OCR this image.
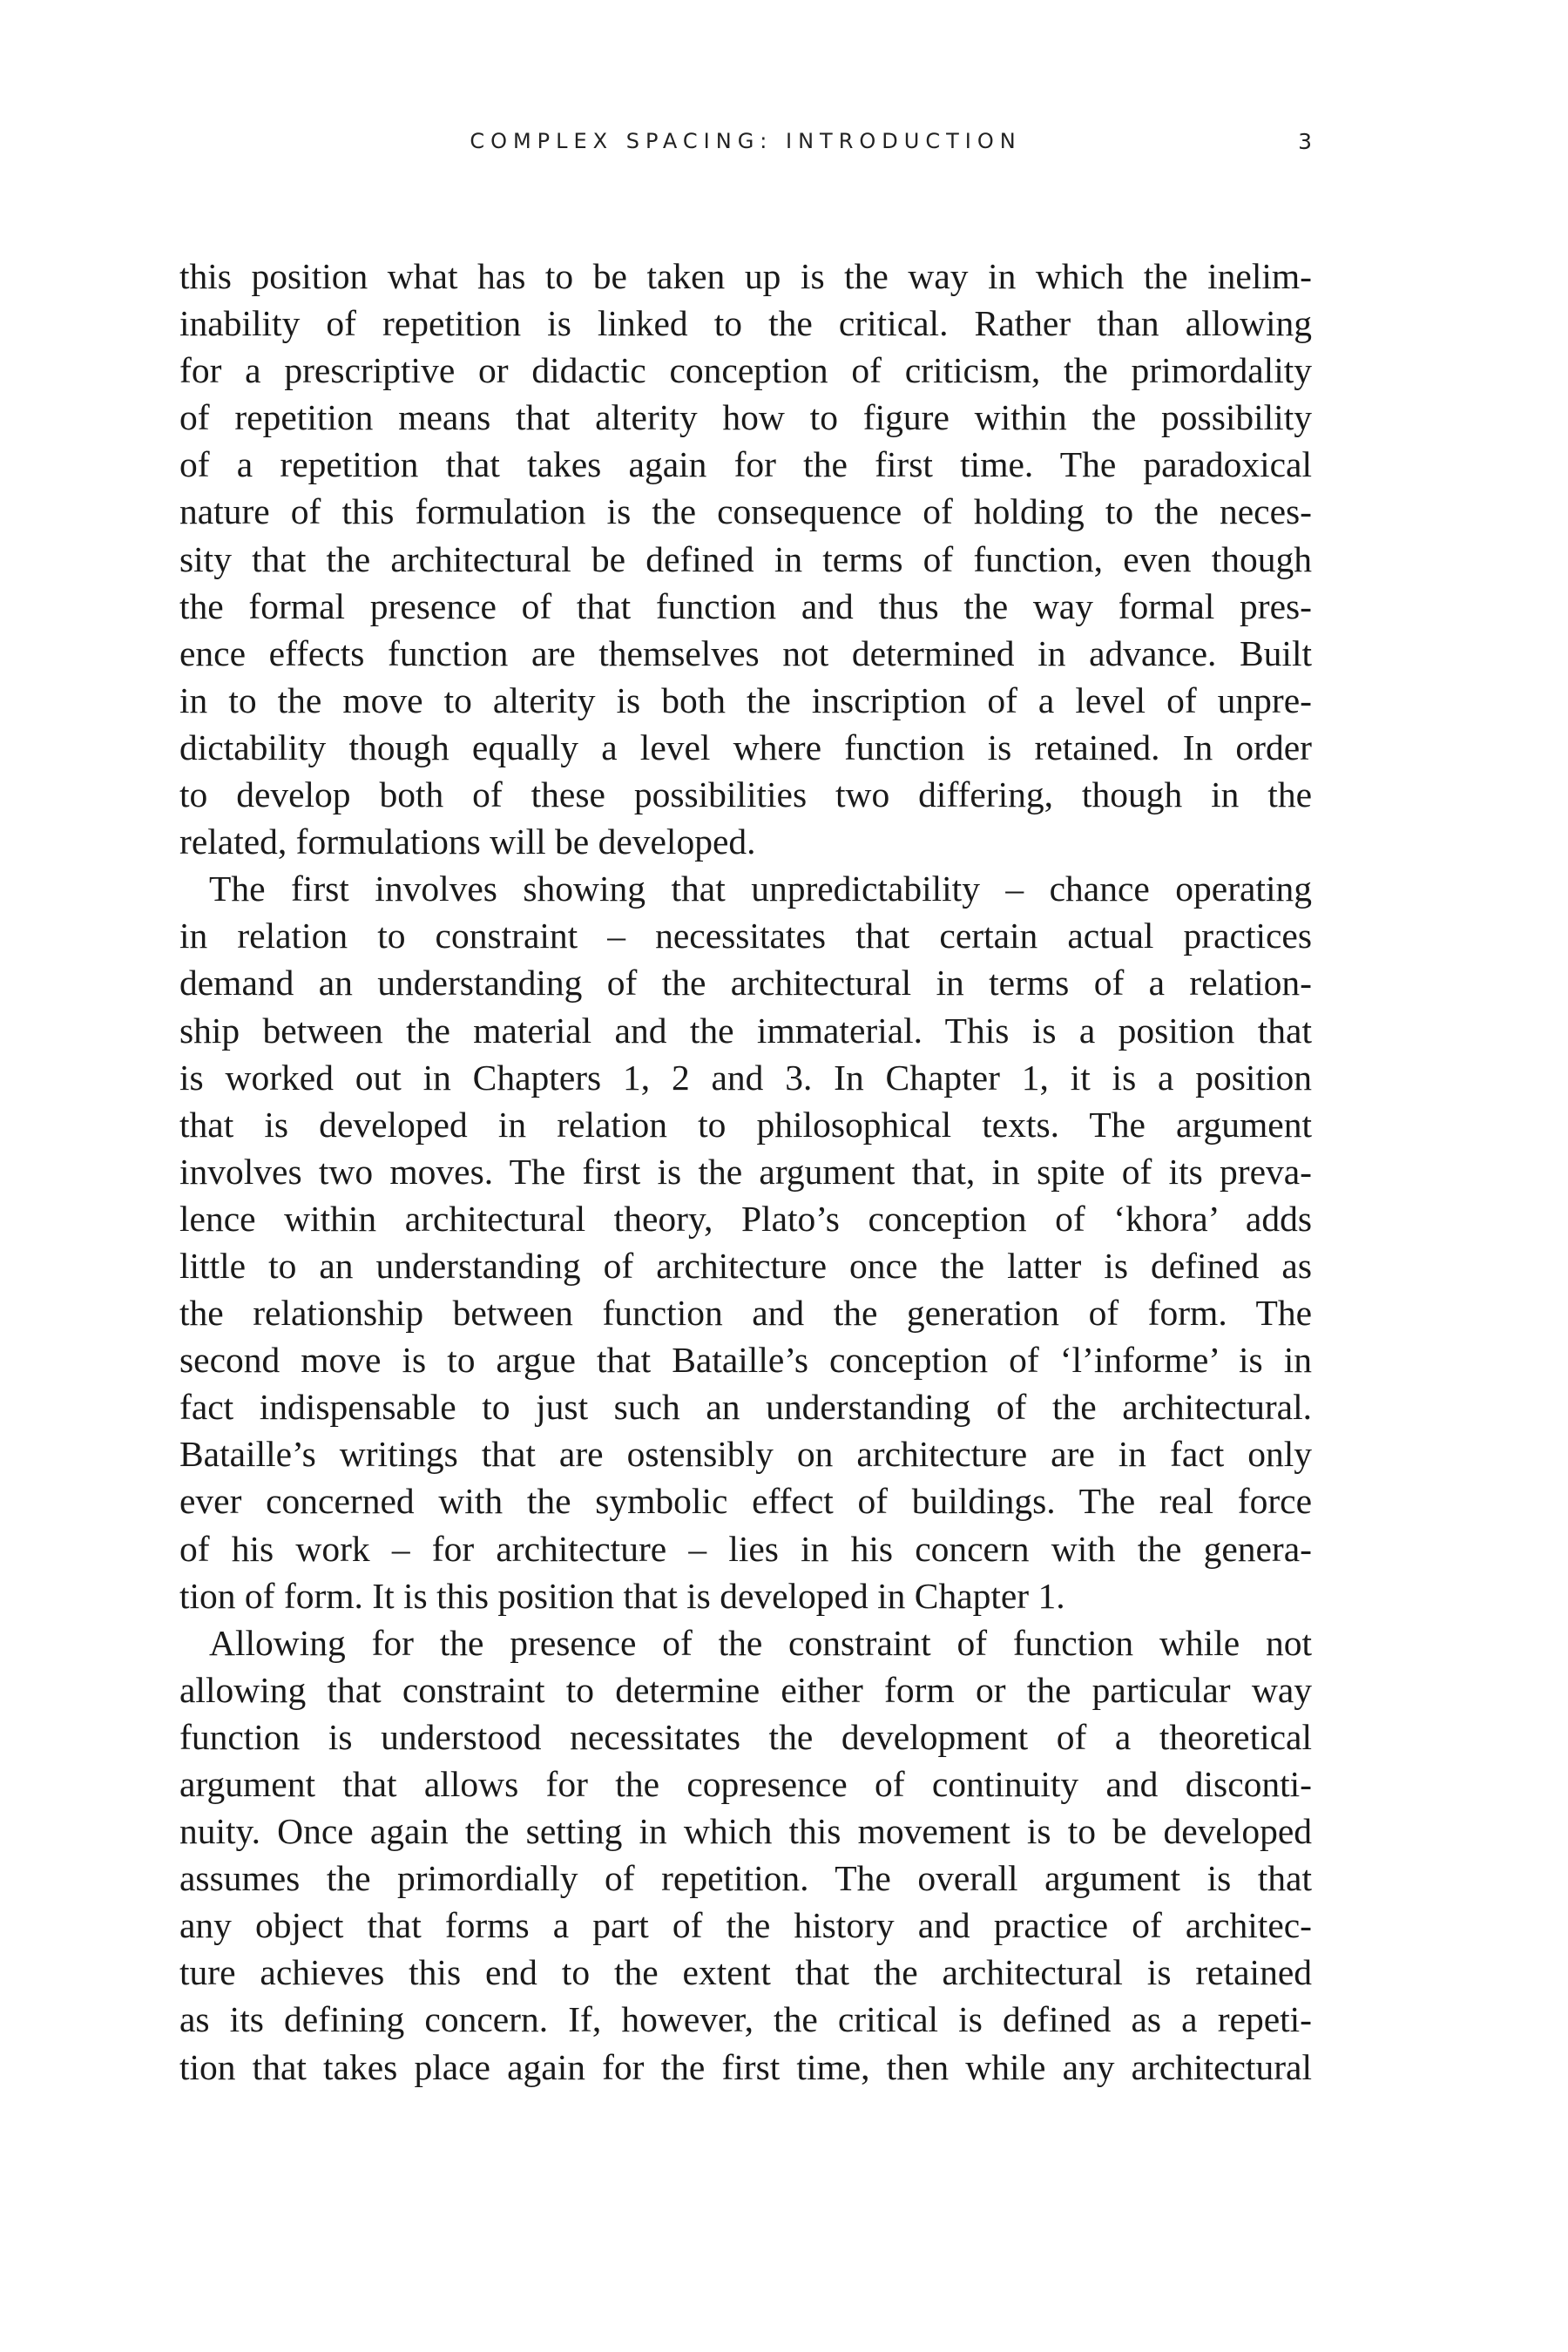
COMPLEX SPACING: INTRODUCTION	3
this position what has to be taken up is the way in which the inelim-
inability of repetition is linked to the critical. Rather than allowing
for a prescriptive or didactic conception of criticism, the primordality
of repetition means that alterity how to figure within the possibility
of a repetition that takes again for the first time. The paradoxical
nature of this formulation is the consequence of holding to the neces-
sity that the architectural be defined in terms of function, even though
the formal presence of that function and thus the way formal pres-
ence effects function are themselves not determined in advance. Built
in to the move to alterity is both the inscription of a level of unpre-
dictability though equally a level where function is retained. In order
to develop both of these possibilities two differing, though in the
related, formulations will be developed.
The first involves showing that unpredictability – chance operating
in relation to constraint – necessitates that certain actual practices
demand an understanding of the architectural in terms of a relation-
ship between the material and the immaterial. This is a position that
is worked out in Chapters 1, 2 and 3. In Chapter 1, it is a position
that is developed in relation to philosophical texts. The argument
involves two moves. The first is the argument that, in spite of its preva-
lence within architectural theory, Plato’s conception of ‘khora’ adds
little to an understanding of architecture once the latter is defined as
the relationship between function and the generation of form. The
second move is to argue that Bataille’s conception of ‘l’informe’ is in
fact indispensable to just such an understanding of the architectural.
Bataille’s writings that are ostensibly on architecture are in fact only
ever concerned with the symbolic effect of buildings. The real force
of his work – for architecture – lies in his concern with the genera-
tion of form. It is this position that is developed in Chapter 1.
Allowing for the presence of the constraint of function while not
allowing that constraint to determine either form or the particular way
function is understood necessitates the development of a theoretical
argument that allows for the copresence of continuity and disconti-
nuity. Once again the setting in which this movement is to be developed
assumes the primordially of repetition. The overall argument is that
any object that forms a part of the history and practice of architec-
ture achieves this end to the extent that the architectural is retained
as its defining concern. If, however, the critical is defined as a repeti-
tion that takes place again for the first time, then while any architectural
